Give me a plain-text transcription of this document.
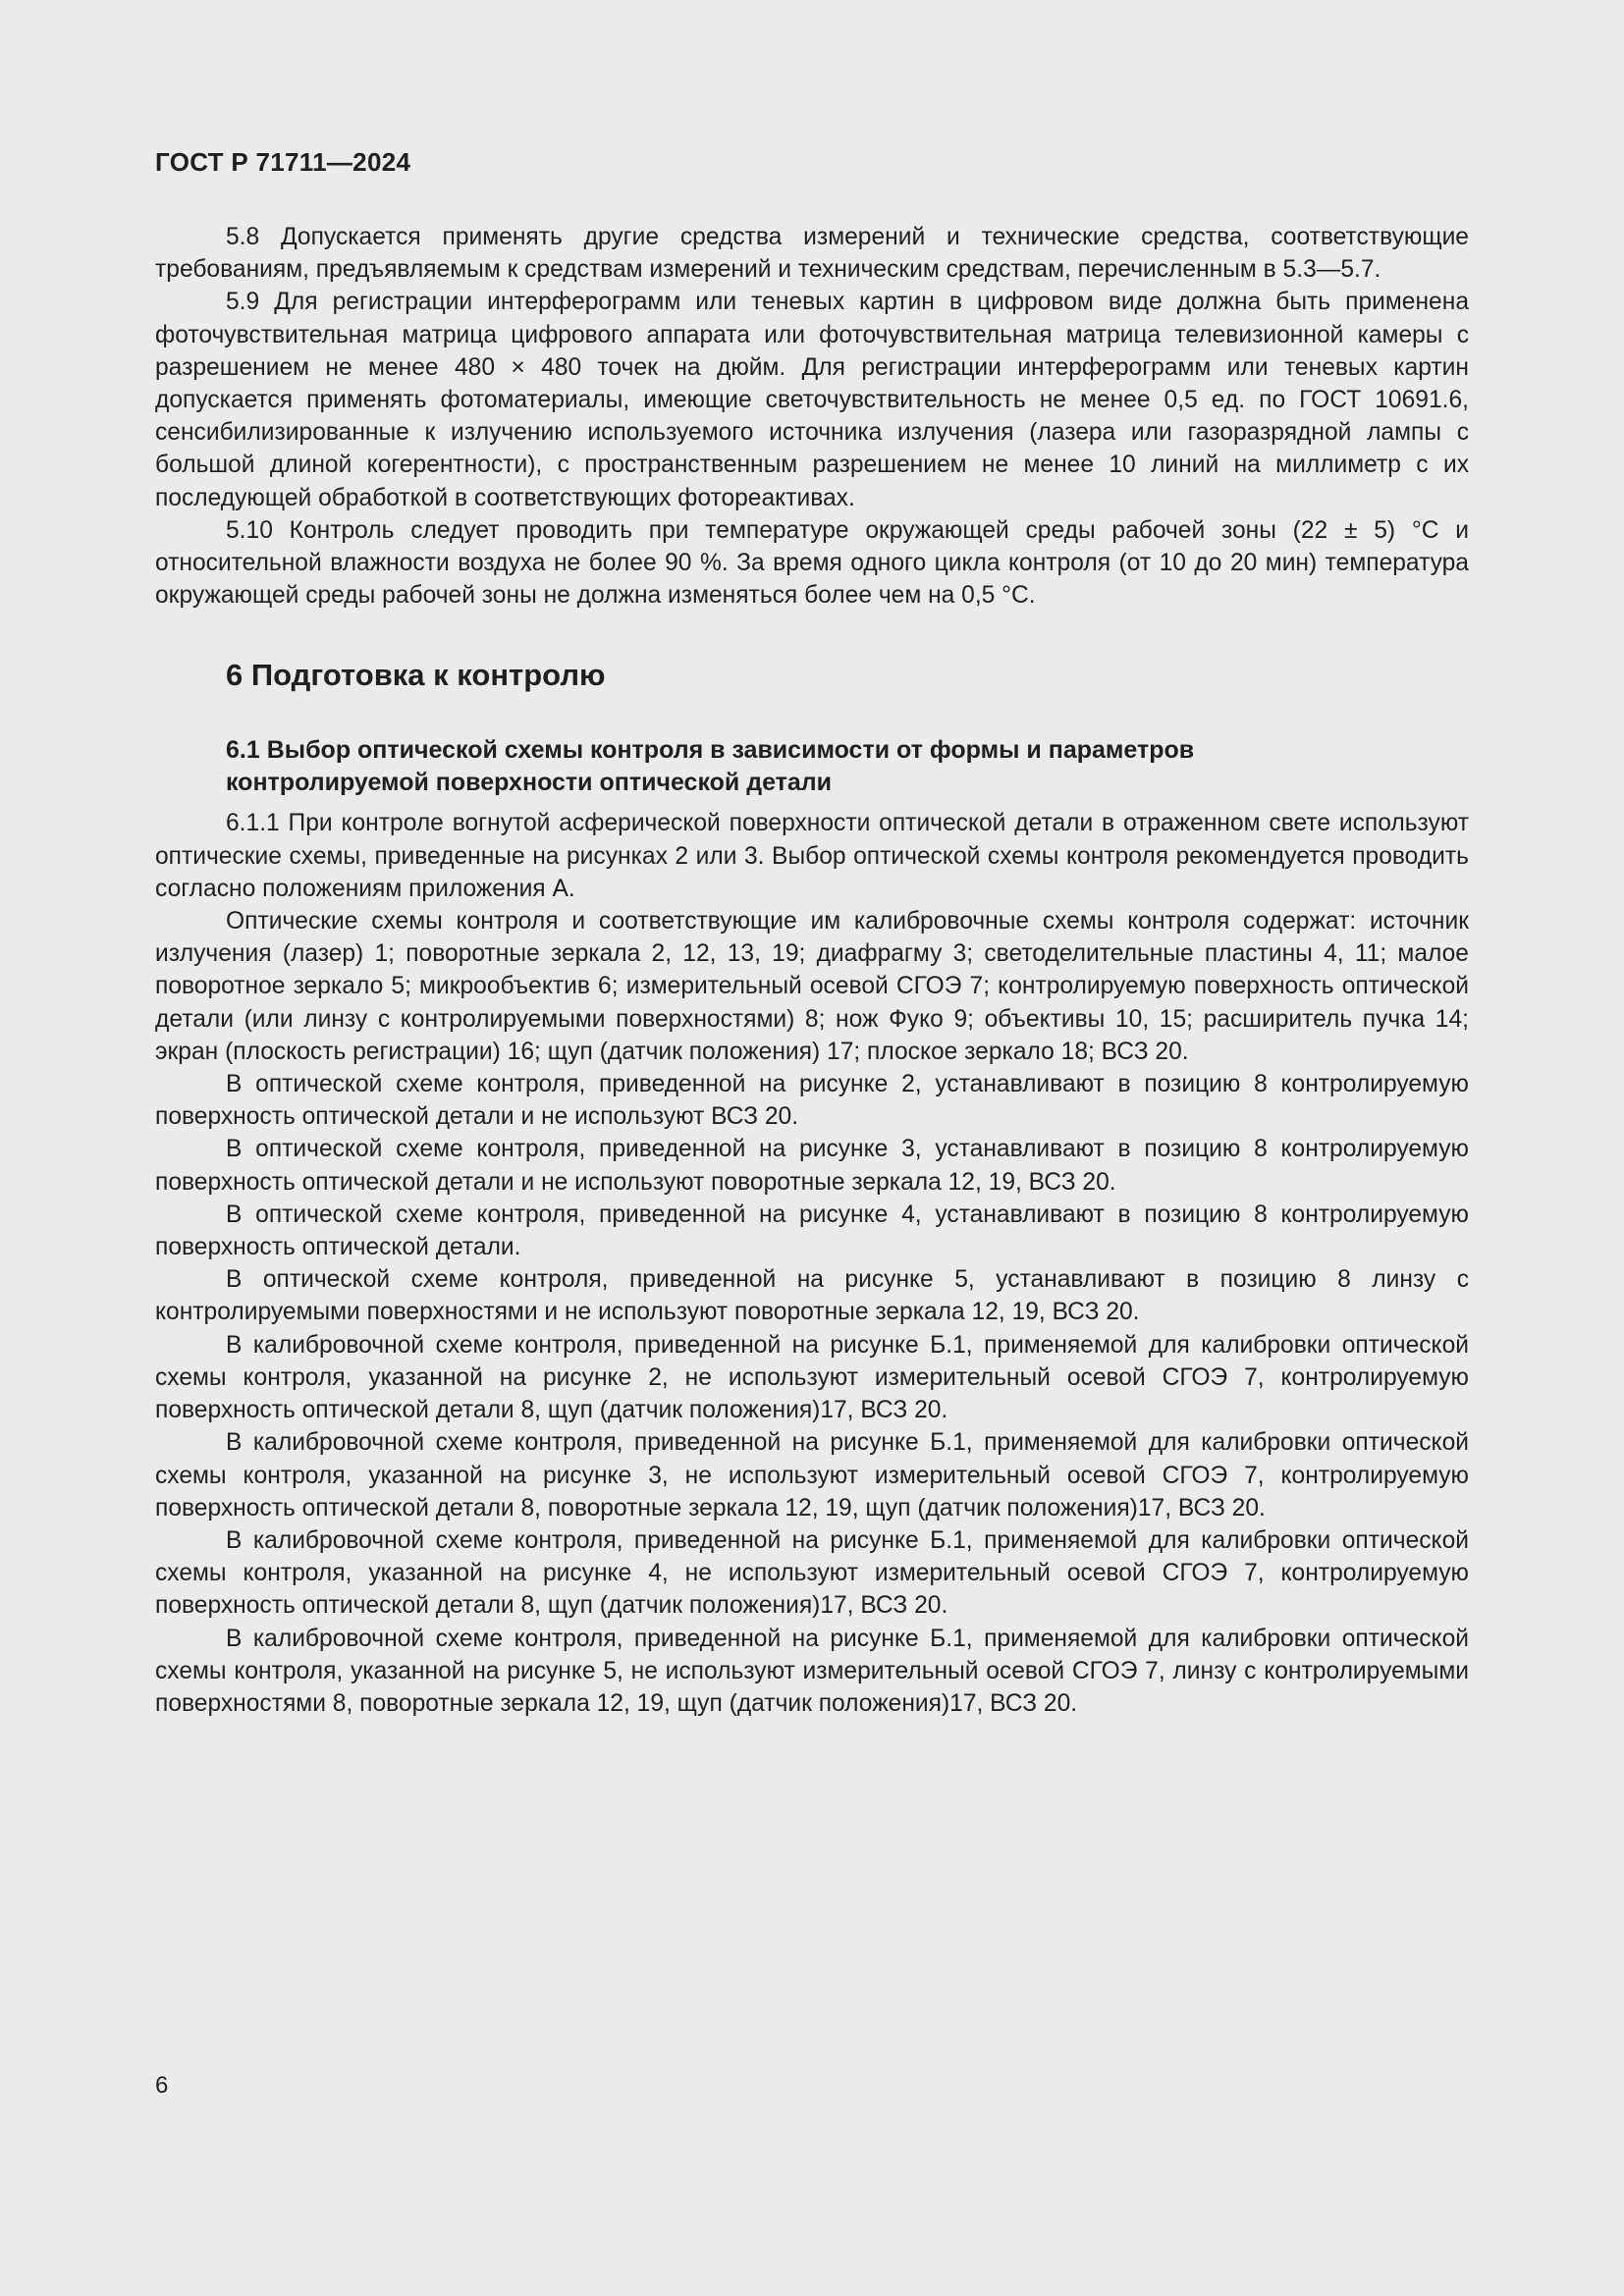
ГОСТ Р 71711—2024

5.8 Допускается применять другие средства измерений и технические средства, соответствующие требованиям, предъявляемым к средствам измерений и техническим средствам, перечисленным в 5.3—5.7.

5.9 Для регистрации интерферограмм или теневых картин в цифровом виде должна быть применена фоточувствительная матрица цифрового аппарата или фоточувствительная матрица телевизионной камеры с разрешением не менее 480 × 480 точек на дюйм. Для регистрации интерферограмм или теневых картин допускается применять фотоматериалы, имеющие светочувствительность не менее 0,5 ед. по ГОСТ 10691.6, сенсибилизированные к излучению используемого источника излучения (лазера или газоразрядной лампы с большой длиной когерентности), с пространственным разрешением не менее 10 линий на миллиметр с их последующей обработкой в соответствующих фотореактивах.

5.10 Контроль следует проводить при температуре окружающей среды рабочей зоны (22 ± 5) °С и относительной влажности воздуха не более 90 %. За время одного цикла контроля (от 10 до 20 мин) температура окружающей среды рабочей зоны не должна изменяться более чем на 0,5 °С.

6 Подготовка к контролю
6.1 Выбор оптической схемы контроля в зависимости от формы и параметров
контролируемой поверхности оптической детали

6.1.1 При контроле вогнутой асферической поверхности оптической детали в отраженном свете используют оптические схемы, приведенные на рисунках 2 или 3. Выбор оптической схемы контроля рекомендуется проводить согласно положениям приложения А.

Оптические схемы контроля и соответствующие им калибровочные схемы контроля содержат: источник излучения (лазер) 1; поворотные зеркала 2, 12, 13, 19; диафрагму 3; светоделительные пластины 4, 11; малое поворотное зеркало 5; микрообъектив 6; измерительный осевой СГОЭ 7; контролируемую поверхность оптической детали (или линзу с контролируемыми поверхностями) 8; нож Фуко 9; объективы 10, 15; расширитель пучка 14; экран (плоскость регистрации) 16; щуп (датчик положения) 17; плоское зеркало 18; ВСЗ 20.

В оптической схеме контроля, приведенной на рисунке 2, устанавливают в позицию 8 контролируемую поверхность оптической детали и не используют ВСЗ 20.

В оптической схеме контроля, приведенной на рисунке 3, устанавливают в позицию 8 контролируемую поверхность оптической детали и не используют поворотные зеркала 12, 19, ВСЗ 20.

В оптической схеме контроля, приведенной на рисунке 4, устанавливают в позицию 8 контролируемую поверхность оптической детали.

В оптической схеме контроля, приведенной на рисунке 5, устанавливают в позицию 8 линзу с контролируемыми поверхностями и не используют поворотные зеркала 12, 19, ВСЗ 20.

В калибровочной схеме контроля, приведенной на рисунке Б.1, применяемой для калибровки оптической схемы контроля, указанной на рисунке 2, не используют измерительный осевой СГОЭ 7, контролируемую поверхность оптической детали 8, щуп (датчик положения)17, ВСЗ 20.

В калибровочной схеме контроля, приведенной на рисунке Б.1, применяемой для калибровки оптической схемы контроля, указанной на рисунке 3, не используют измерительный осевой СГОЭ 7, контролируемую поверхность оптической детали 8, поворотные зеркала 12, 19, щуп (датчик положения)17, ВСЗ 20.

В калибровочной схеме контроля, приведенной на рисунке Б.1, применяемой для калибровки оптической схемы контроля, указанной на рисунке 4, не используют измерительный осевой СГОЭ 7, контролируемую поверхность оптической детали 8, щуп (датчик положения)17, ВСЗ 20.

В калибровочной схеме контроля, приведенной на рисунке Б.1, применяемой для калибровки оптической схемы контроля, указанной на рисунке 5, не используют измерительный осевой СГОЭ 7, линзу с контролируемыми поверхностями 8, поворотные зеркала 12, 19, щуп (датчик положения)17, ВСЗ 20.

6
